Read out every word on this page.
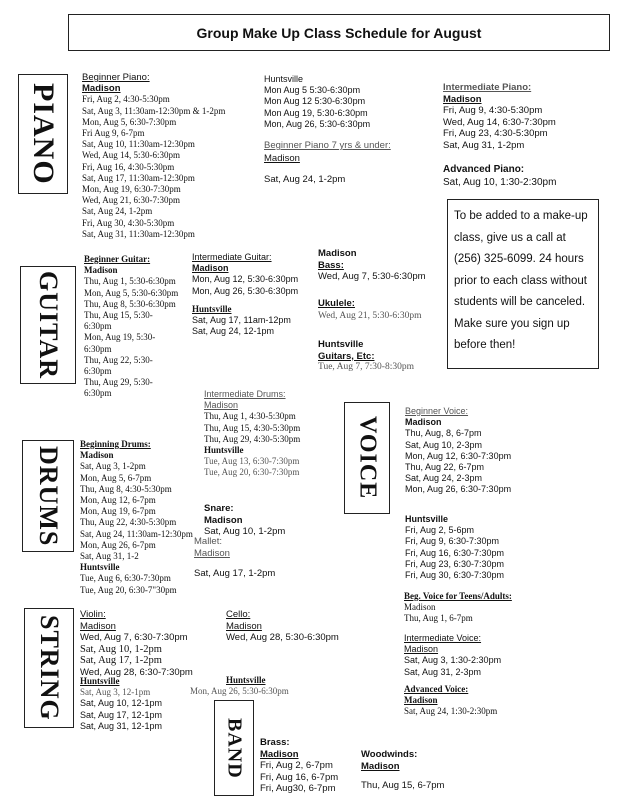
Group Make Up Class Schedule for August
PIANO
GUITAR
DRUMS
STRING
VOICE
BAND
Beginner Piano:
Madison
Fri, Aug 2, 4:30-5:30pm
Sat, Aug 3, 11:30am-12:30pm & 1-2pm
Mon, Aug 5, 6:30-7:30pm
Fri Aug 9, 6-7pm
Sat, Aug 10, 11:30am-12:30pm
Wed, Aug 14, 5:30-6:30pm
Fri, Aug 16, 4:30-5:30pm
Sat, Aug 17, 11:30am-12:30pm
Mon, Aug 19, 6:30-7:30pm
Wed, Aug 21, 6:30-7:30pm
Sat, Aug 24, 1-2pm
Fri, Aug 30, 4:30-5:30pm
Sat, Aug 31, 11:30am-12:30pm
Huntsville
Mon Aug 5 5:30-6:30pm
Mon Aug 12 5:30-6:30pm
Mon Aug 19, 5:30-6:30pm
Mon, Aug 26, 5:30-6:30pm
Beginner Piano 7 yrs & under:
Madison
Sat, Aug 24, 1-2pm
Intermediate Piano:
Madison
Fri, Aug 9, 4:30-5:30pm
Wed, Aug 14, 6:30-7:30pm
Fri, Aug 23, 4:30-5:30pm
Sat, Aug 31, 1-2pm
Advanced Piano:
Sat, Aug 10, 1:30-2:30pm
To be added to a make-up class, give us a call at (256) 325-6099. 24 hours prior to each class without students will be canceled. Make sure you sign up before then!
Beginner Guitar:
Madison
Thu, Aug 1, 5:30-6:30pm
Mon, Aug 5, 5:30-6:30pm
Thu, Aug 8, 5:30-6:30pm
Thu, Aug 15, 5:30-
6:30pm
Mon, Aug 19, 5:30-
6:30pm
Thu, Aug 22, 5:30-
6:30pm
Thu, Aug 29, 5:30-
6:30pm
Intermediate Guitar:
Madison
Mon, Aug 12, 5:30-6:30pm
Mon, Aug 26, 5:30-6:30pm
Huntsville
Sat, Aug 17, 11am-12pm
Sat, Aug 24, 12-1pm
Madison
Bass:
Wed, Aug 7, 5:30-6:30pm
Ukulele:
Wed, Aug 21, 5:30-6:30pm
Huntsville
Guitars, Etc:
Tue, Aug 7, 7:30-8:30pm
Intermediate Drums:
Madison
Thu, Aug 1, 4:30-5:30pm
Thu, Aug 15, 4:30-5:30pm
Thu, Aug 29, 4:30-5:30pm
Huntsville
Tue, Aug 13, 6:30-7:30pm
Tue, Aug 20, 6:30-7:30pm
Beginning Drums:
Madison
Sat, Aug 3, 1-2pm
Mon, Aug 5, 6-7pm
Thu, Aug 8, 4:30-5:30pm
Mon, Aug 12, 6-7pm
Mon, Aug 19, 6-7pm
Thu, Aug 22, 4:30-5:30pm
Sat, Aug 24, 11:30am-12:30pm
Mon, Aug 26, 6-7pm
Sat, Aug 31, 1-2
Huntsville
Tue, Aug 6, 6:30-7:30pm
Tue, Aug 20, 6:30-7"30pm
Snare:
Madison
Sat, Aug 10, 1-2pm
Mallet:
Madison
Sat, Aug 17, 1-2pm
Beginner Voice:
Madison
Thu, Aug, 8, 6-7pm
Sat, Aug 10, 2-3pm
Mon, Aug 12, 6:30-7:30pm
Thu, Aug 22, 6-7pm
Sat, Aug 24, 2-3pm
Mon, Aug 26, 6:30-7:30pm
Huntsville
Fri, Aug 2, 5-6pm
Fri, Aug 9, 6:30-7:30pm
Fri, Aug 16, 6:30-7:30pm
Fri, Aug 23, 6:30-7:30pm
Fri, Aug 30, 6:30-7:30pm
Beg. Voice for Teens/Adults:
Madison
Thu, Aug 1, 6-7pm
Intermediate Voice:
Madison
Sat, Aug 3, 1:30-2:30pm
Sat, Aug 31, 2-3pm
Advanced Voice:
Madison
Sat, Aug 24, 1:30-2:30pm
Violin:
Madison
Wed, Aug 7, 6:30-7:30pm
Sat, Aug 10, 1-2pm
Sat, Aug 17, 1-2pm
Wed, Aug 28, 6:30-7:30pm
Huntsville
Sat, Aug 3, 12-1pm
Sat, Aug 10, 12-1pm
Sat, Aug 17, 12-1pm
Sat, Aug 31, 12-1pm
Cello:
Madison
Wed, Aug 28, 5:30-6:30pm
Huntsville
Mon, Aug 26, 5:30-6:30pm
Brass:
Madison
Fri, Aug 2, 6-7pm
Fri, Aug 16, 6-7pm
Fri, Aug30, 6-7pm
Woodwinds:
Madison
Thu, Aug 15, 6-7pm
